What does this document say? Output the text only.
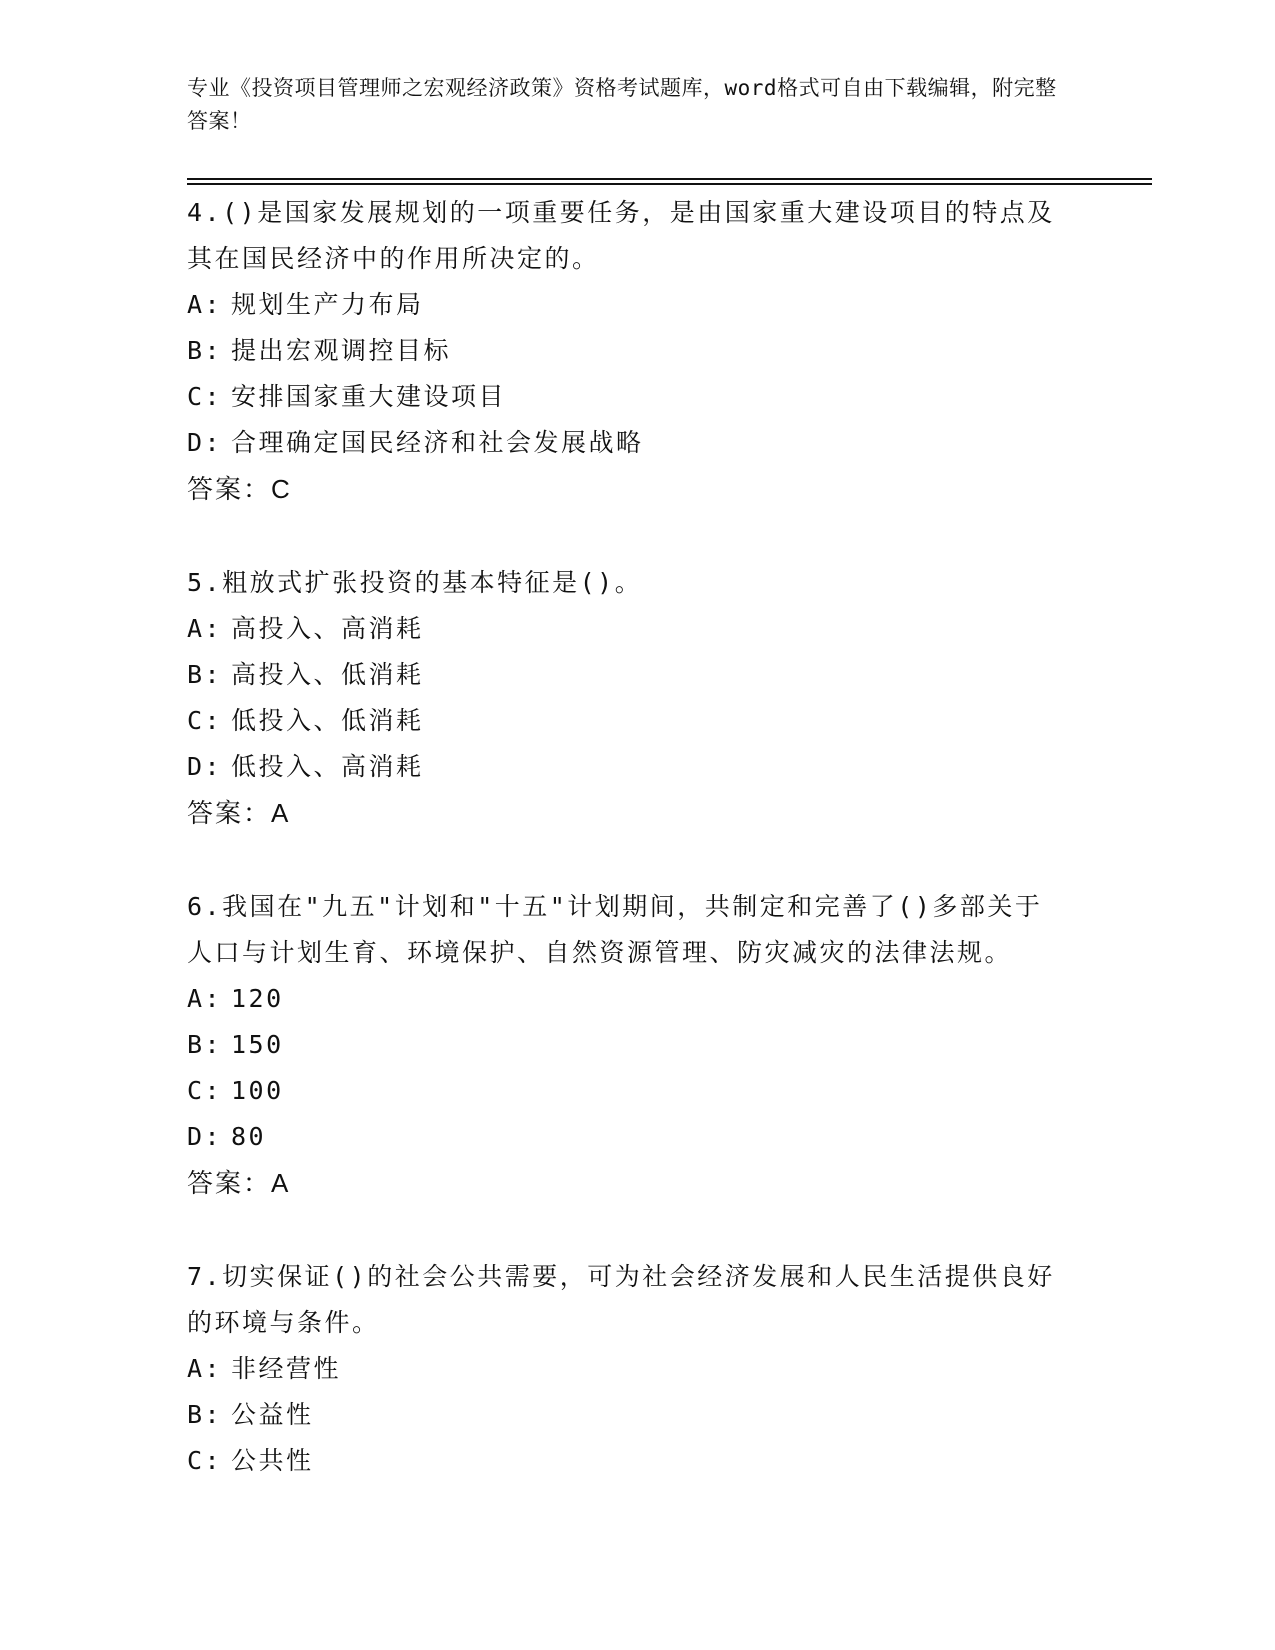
专业《投资项目管理师之宏观经济政策》资格考试题库，word格式可自由下载编辑，附完整答案！

4.()是国家发展规划的一项重要任务，是由国家重大建设项目的特点及其在国民经济中的作用所决定的。

A: 规划生产力布局

B: 提出宏观调控目标

C: 安排国家重大建设项目

D: 合理确定国民经济和社会发展战略

答案：C

5.粗放式扩张投资的基本特征是()。

A: 高投入、高消耗

B: 高投入、低消耗

C: 低投入、低消耗

D: 低投入、高消耗

答案：A

6.我国在"九五"计划和"十五"计划期间，共制定和完善了()多部关于人口与计划生育、环境保护、自然资源管理、防灾减灾的法律法规。

A: 120

B: 150

C: 100

D: 80

答案：A

7.切实保证()的社会公共需要，可为社会经济发展和人民生活提供良好的环境与条件。

A: 非经营性

B: 公益性

C: 公共性
